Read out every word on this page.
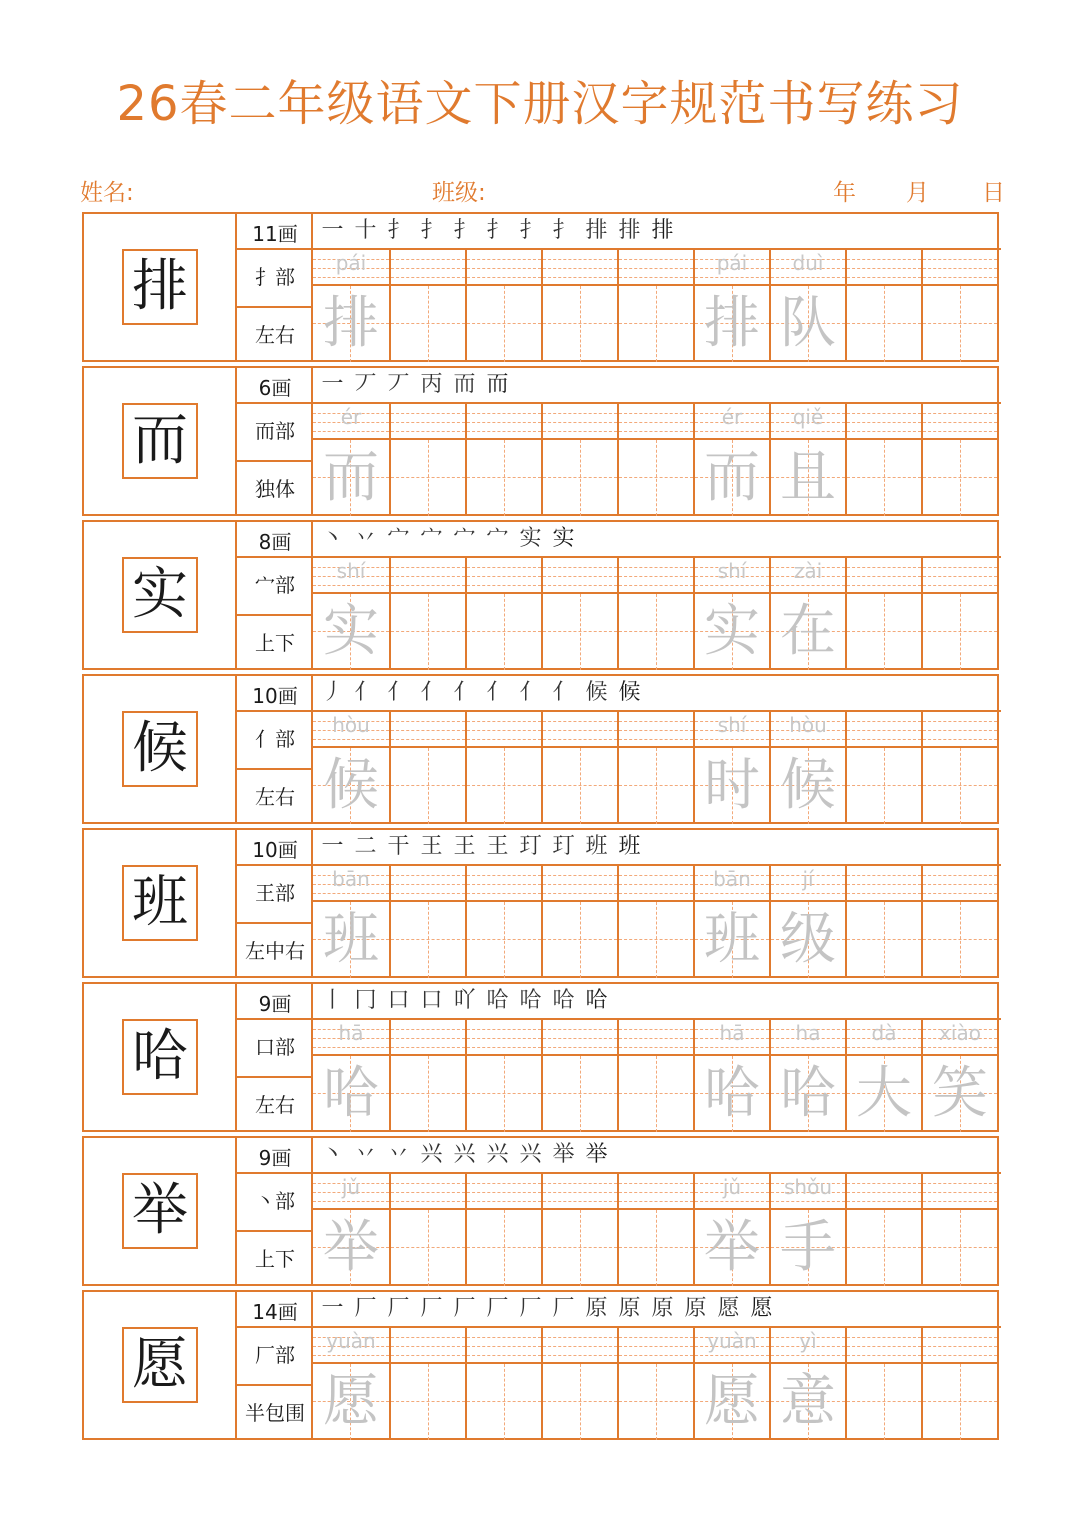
26春二年级语文下册汉字规范书写练习
姓名:	班级:	年 月 日
排
11画
扌部
左右
一 十 扌 扌 扌 扌 扌 扌 排 排 排
pái
排
pái
排
duì
队
而
6画
而部
独体
一 丆 丆 丙 而 而
ér
而
ér
而
qiě
且
实
8画
宀部
上下
丶 丷 宀 宀 宀 宀 实 实
shí
实
shí
实
zài
在
候
10画
亻部
左右
丿 亻 亻 亻 亻 亻 亻 亻 候 候
hòu
候
shí
时
hòu
候
班
10画
王部
左中右
一 二 干 王 王 王 玎 玎 班 班
bān
班
bān
班
jí
级
哈
9画
口部
左右
丨 冂 口 口 吖 哈 哈 哈 哈
hā
哈
hā
哈
ha
哈
dà
大
xiào
笑
举
9画
丶部
上下
丶 丷 丷 兴 兴 兴 兴 举 举
jǔ
举
jǔ
举
shǒu
手
愿
14画
厂部
半包围
一 厂 厂 厂 厂 厂 厂 厂 原 原 原 原 愿 愿
yuàn
愿
yuàn
愿
yì
意
